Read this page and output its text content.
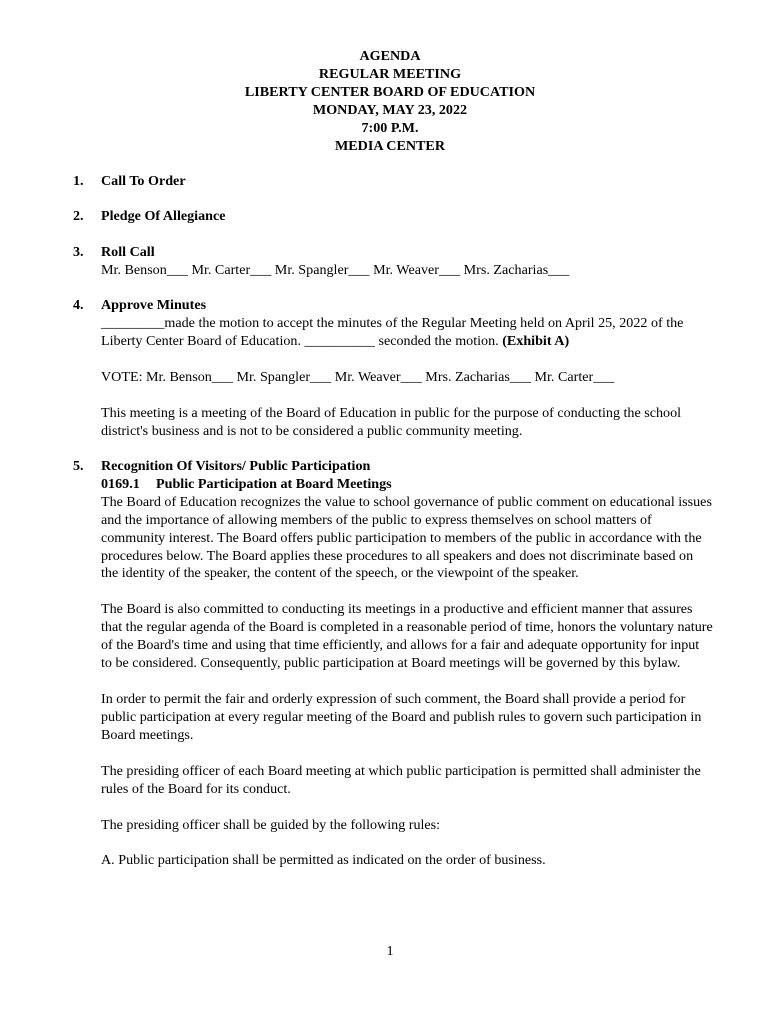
AGENDA
REGULAR MEETING
LIBERTY CENTER BOARD OF EDUCATION
MONDAY, MAY 23, 2022
7:00 P.M.
MEDIA CENTER
1. Call To Order
2. Pledge Of Allegiance
3. Roll Call
Mr. Benson___ Mr. Carter___ Mr. Spangler___ Mr. Weaver___ Mrs. Zacharias___
4. Approve Minutes

_________made the motion to accept the minutes of the Regular Meeting held on April 25, 2022 of the Liberty Center Board of Education. __________ seconded the motion. (Exhibit A)

VOTE: Mr. Benson___ Mr. Spangler___ Mr. Weaver___ Mrs. Zacharias___ Mr. Carter___

This meeting is a meeting of the Board of Education in public for the purpose of conducting the school district's business and is not to be considered a public community meeting.

5. Recognition Of Visitors/ Public Participation
0169.1 Public Participation at Board Meetings

The Board of Education recognizes the value to school governance of public comment on educational issues and the importance of allowing members of the public to express themselves on school matters of community interest. The Board offers public participation to members of the public in accordance with the procedures below. The Board applies these procedures to all speakers and does not discriminate based on the identity of the speaker, the content of the speech, or the viewpoint of the speaker.

The Board is also committed to conducting its meetings in a productive and efficient manner that assures that the regular agenda of the Board is completed in a reasonable period of time, honors the voluntary nature of the Board's time and using that time efficiently, and allows for a fair and adequate opportunity for input to be considered. Consequently, public participation at Board meetings will be governed by this bylaw.

In order to permit the fair and orderly expression of such comment, the Board shall provide a period for public participation at every regular meeting of the Board and publish rules to govern such participation in Board meetings.

The presiding officer of each Board meeting at which public participation is permitted shall administer the rules of the Board for its conduct.

The presiding officer shall be guided by the following rules:

A. Public participation shall be permitted as indicated on the order of business.

1
